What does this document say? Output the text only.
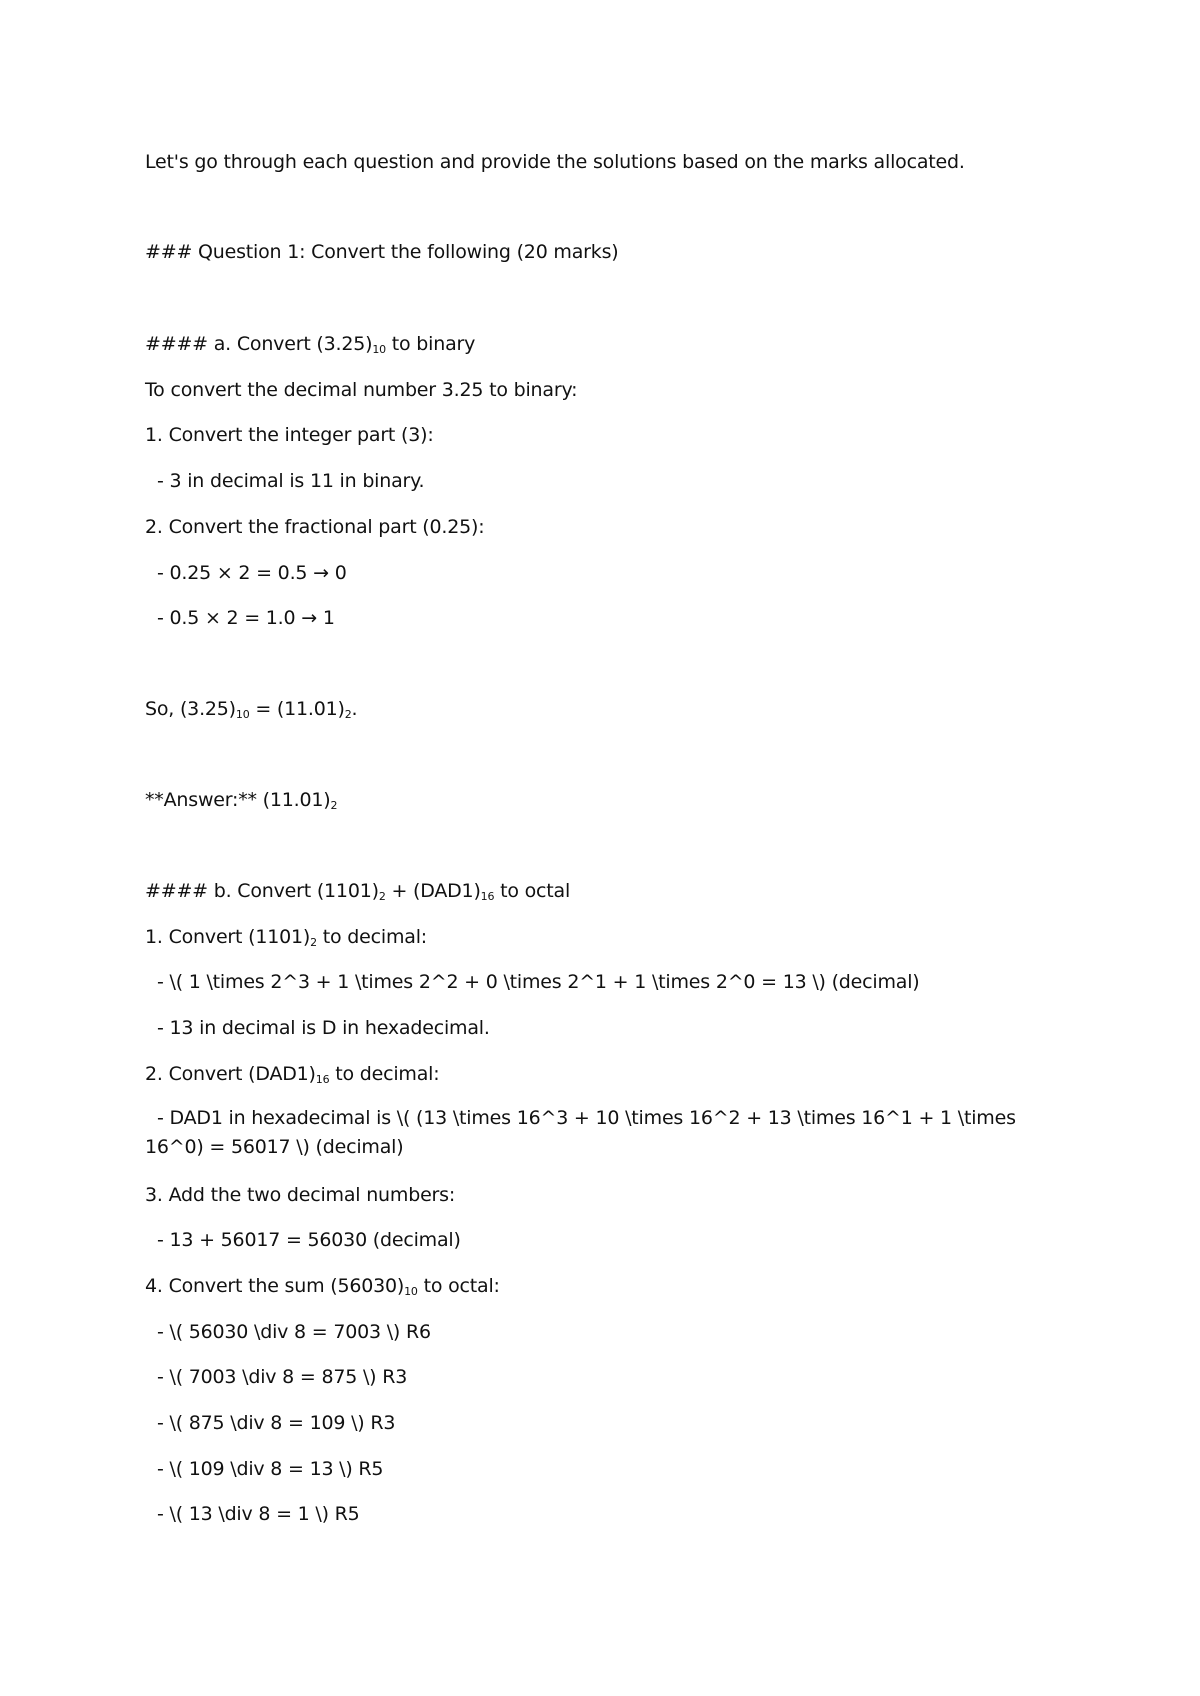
Let's go through each question and provide the solutions based on the marks allocated.
### Question 1: Convert the following (20 marks)
#### a. Convert $(3.25)_{10}$ to binary
To convert the decimal number 3.25 to binary:
1. Convert the integer part (3):
- 3 in decimal is 11 in binary.
2. Convert the fractional part (0.25):
- 0.25 × 2 = 0.5 → 0
- 0.5 × 2 = 1.0 → 1
So, $(3.25)_{10} = (11.01)_2$.
**Answer:** $(11.01)_2$
#### b. Convert $(1101)_2 + (DAD1)_{16}$ to octal
1. Convert $(1101)_2$ to decimal:
- \( 1 \times 2^3 + 1 \times 2^2 + 0 \times 2^1 + 1 \times 2^0 = 13 \) (decimal)
- 13 in decimal is D in hexadecimal.
2. Convert $(DAD1)_{16}$ to decimal:
- DAD1 in hexadecimal is \( (13 \times 16^3 + 10 \times 16^2 + 13 \times 16^1 + 1 \times 16^0) = 56017 \) (decimal)
3. Add the two decimal numbers:
- 13 + 56017 = 56030 (decimal)
4. Convert the sum $(56030)_{10}$ to octal:
- \( 56030 \div 8 = 7003 \) R6
- \( 7003 \div 8 = 875 \) R3
- \( 875 \div 8 = 109 \) R3
- \( 109 \div 8 = 13 \) R5
- \( 13 \div 8 = 1 \) R5
